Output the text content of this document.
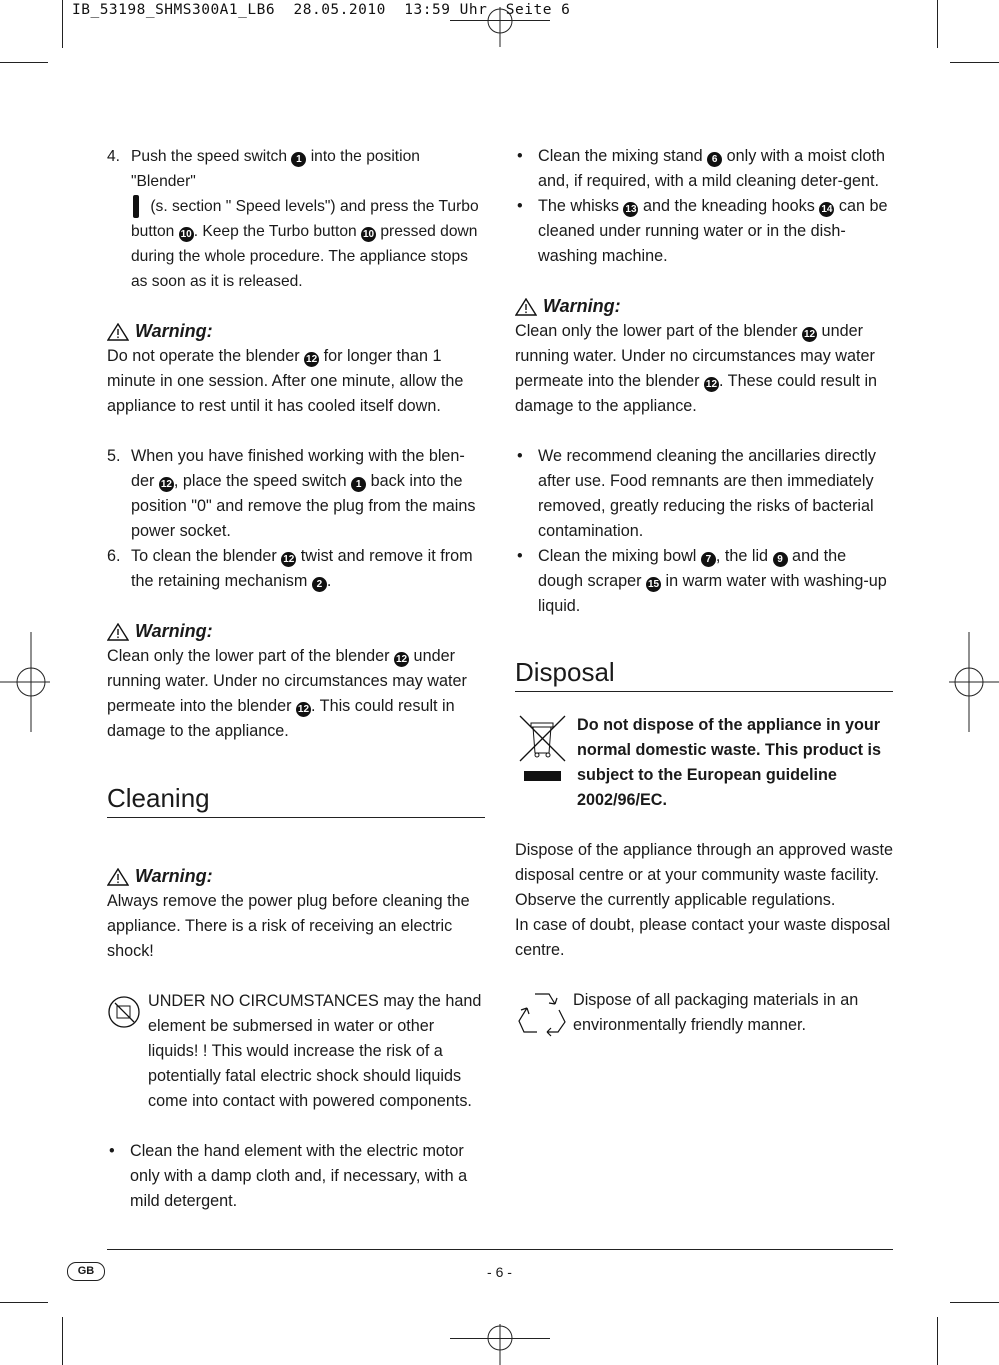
IB_53198_SHMS300A1_LB6  28.05.2010  13:59 Uhr  Seite 6
4. Push the speed switch 1 into the position "Blender"
(s. section " Speed levels") and press the Turbo button 10 . Keep the Turbo button 10 pressed down during the whole procedure. The appliance stops as soon as it is released.
Warning:

Do not operate the blender 12 for longer than 1 minute in one session. After one minute, allow the appliance to rest until it has cooled itself down.

5. When you have finished working with the blen-der 12 , place the speed switch 1 back into the position "0" and remove the plug from the mains power socket.
6. To clean the blender 12 twist and remove it from the retaining mechanism 2 .
Warning:

Clean only the lower part of the blender 12 under running water. Under no circumstances may water permeate into the blender 12 . This could result in damage to the appliance.

Cleaning
Warning:

Always remove the power plug before cleaning the appliance. There is a risk of receiving an electric shock!

UNDER NO CIRCUMSTANCES may the hand element be submersed in water or other liquids! ! This would increase the risk of a potentially fatal electric shock should liquids come into contact with powered components.

• Clean the hand element with the electric motor only with a damp cloth and, if necessary, with a mild detergent.
• Clean the mixing stand 6 only with a moist cloth and, if required, with a mild cleaning deter-gent.
• The whisks 13 and the kneading hooks 14 can be cleaned under running water or in the dish-washing machine.
Warning:

Clean only the lower part of the blender 12 under running water. Under no circumstances may water permeate into the blender 12 . These could result in damage to the appliance.

• We recommend cleaning the ancillaries directly after use. Food remnants are then immediately removed, greatly reducing the risks of bacterial contamination.
• Clean the mixing bowl 7 , the lid 9 and the dough scraper 15 in warm water with washing-up liquid.
Disposal

Do not dispose of the appliance in your normal domestic waste. This product is subject to the European guideline 2002/96/EC.

Dispose of the appliance through an approved waste disposal centre or at your community waste facility.

Observe the currently applicable regulations.

In case of doubt, please contact your waste disposal centre.

Dispose of all packaging materials in an environmentally friendly manner.

GB	- 6 -
